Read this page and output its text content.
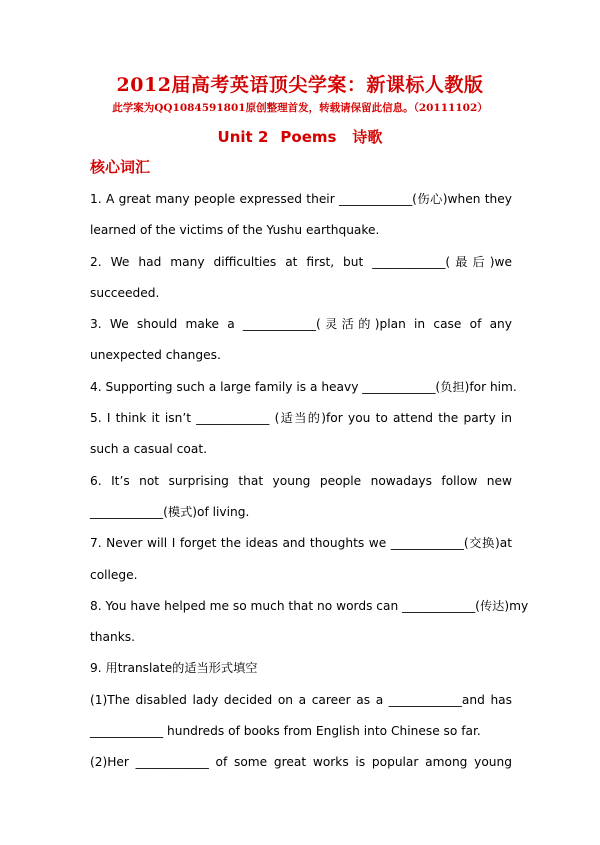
2012届高考英语顶尖学案：新课标人教版
此学案为QQ1084591801原创整理首发，转载请保留此信息。（20111102）
Unit 2 Poems 诗歌
核心词汇
1. A great many people expressed their ____________(伤心)when they
learned of the victims of the Yushu earthquake.
2. We had many difficulties at first, but ____________(最后)we
succeeded.
3. We should make a ____________(灵活的)plan in case of any
unexpected changes.
4. Supporting such a large family is a heavy ____________(负担)for him.
5. I think it isn’t ____________ (适当的)for you to attend the party in
such a casual coat.
6. It’s not surprising that young people nowadays follow new
____________(模式)of living.
7. Never will I forget the ideas and thoughts we ____________(交换)at
college.
8. You have helped me so much that no words can ____________(传达)my
thanks.
9. 用translate的适当形式填空
(1)The disabled lady decided on a career as a ____________and has
____________ hundreds of books from English into Chinese so far.
(2)Her ____________ of some great works is popular among young
